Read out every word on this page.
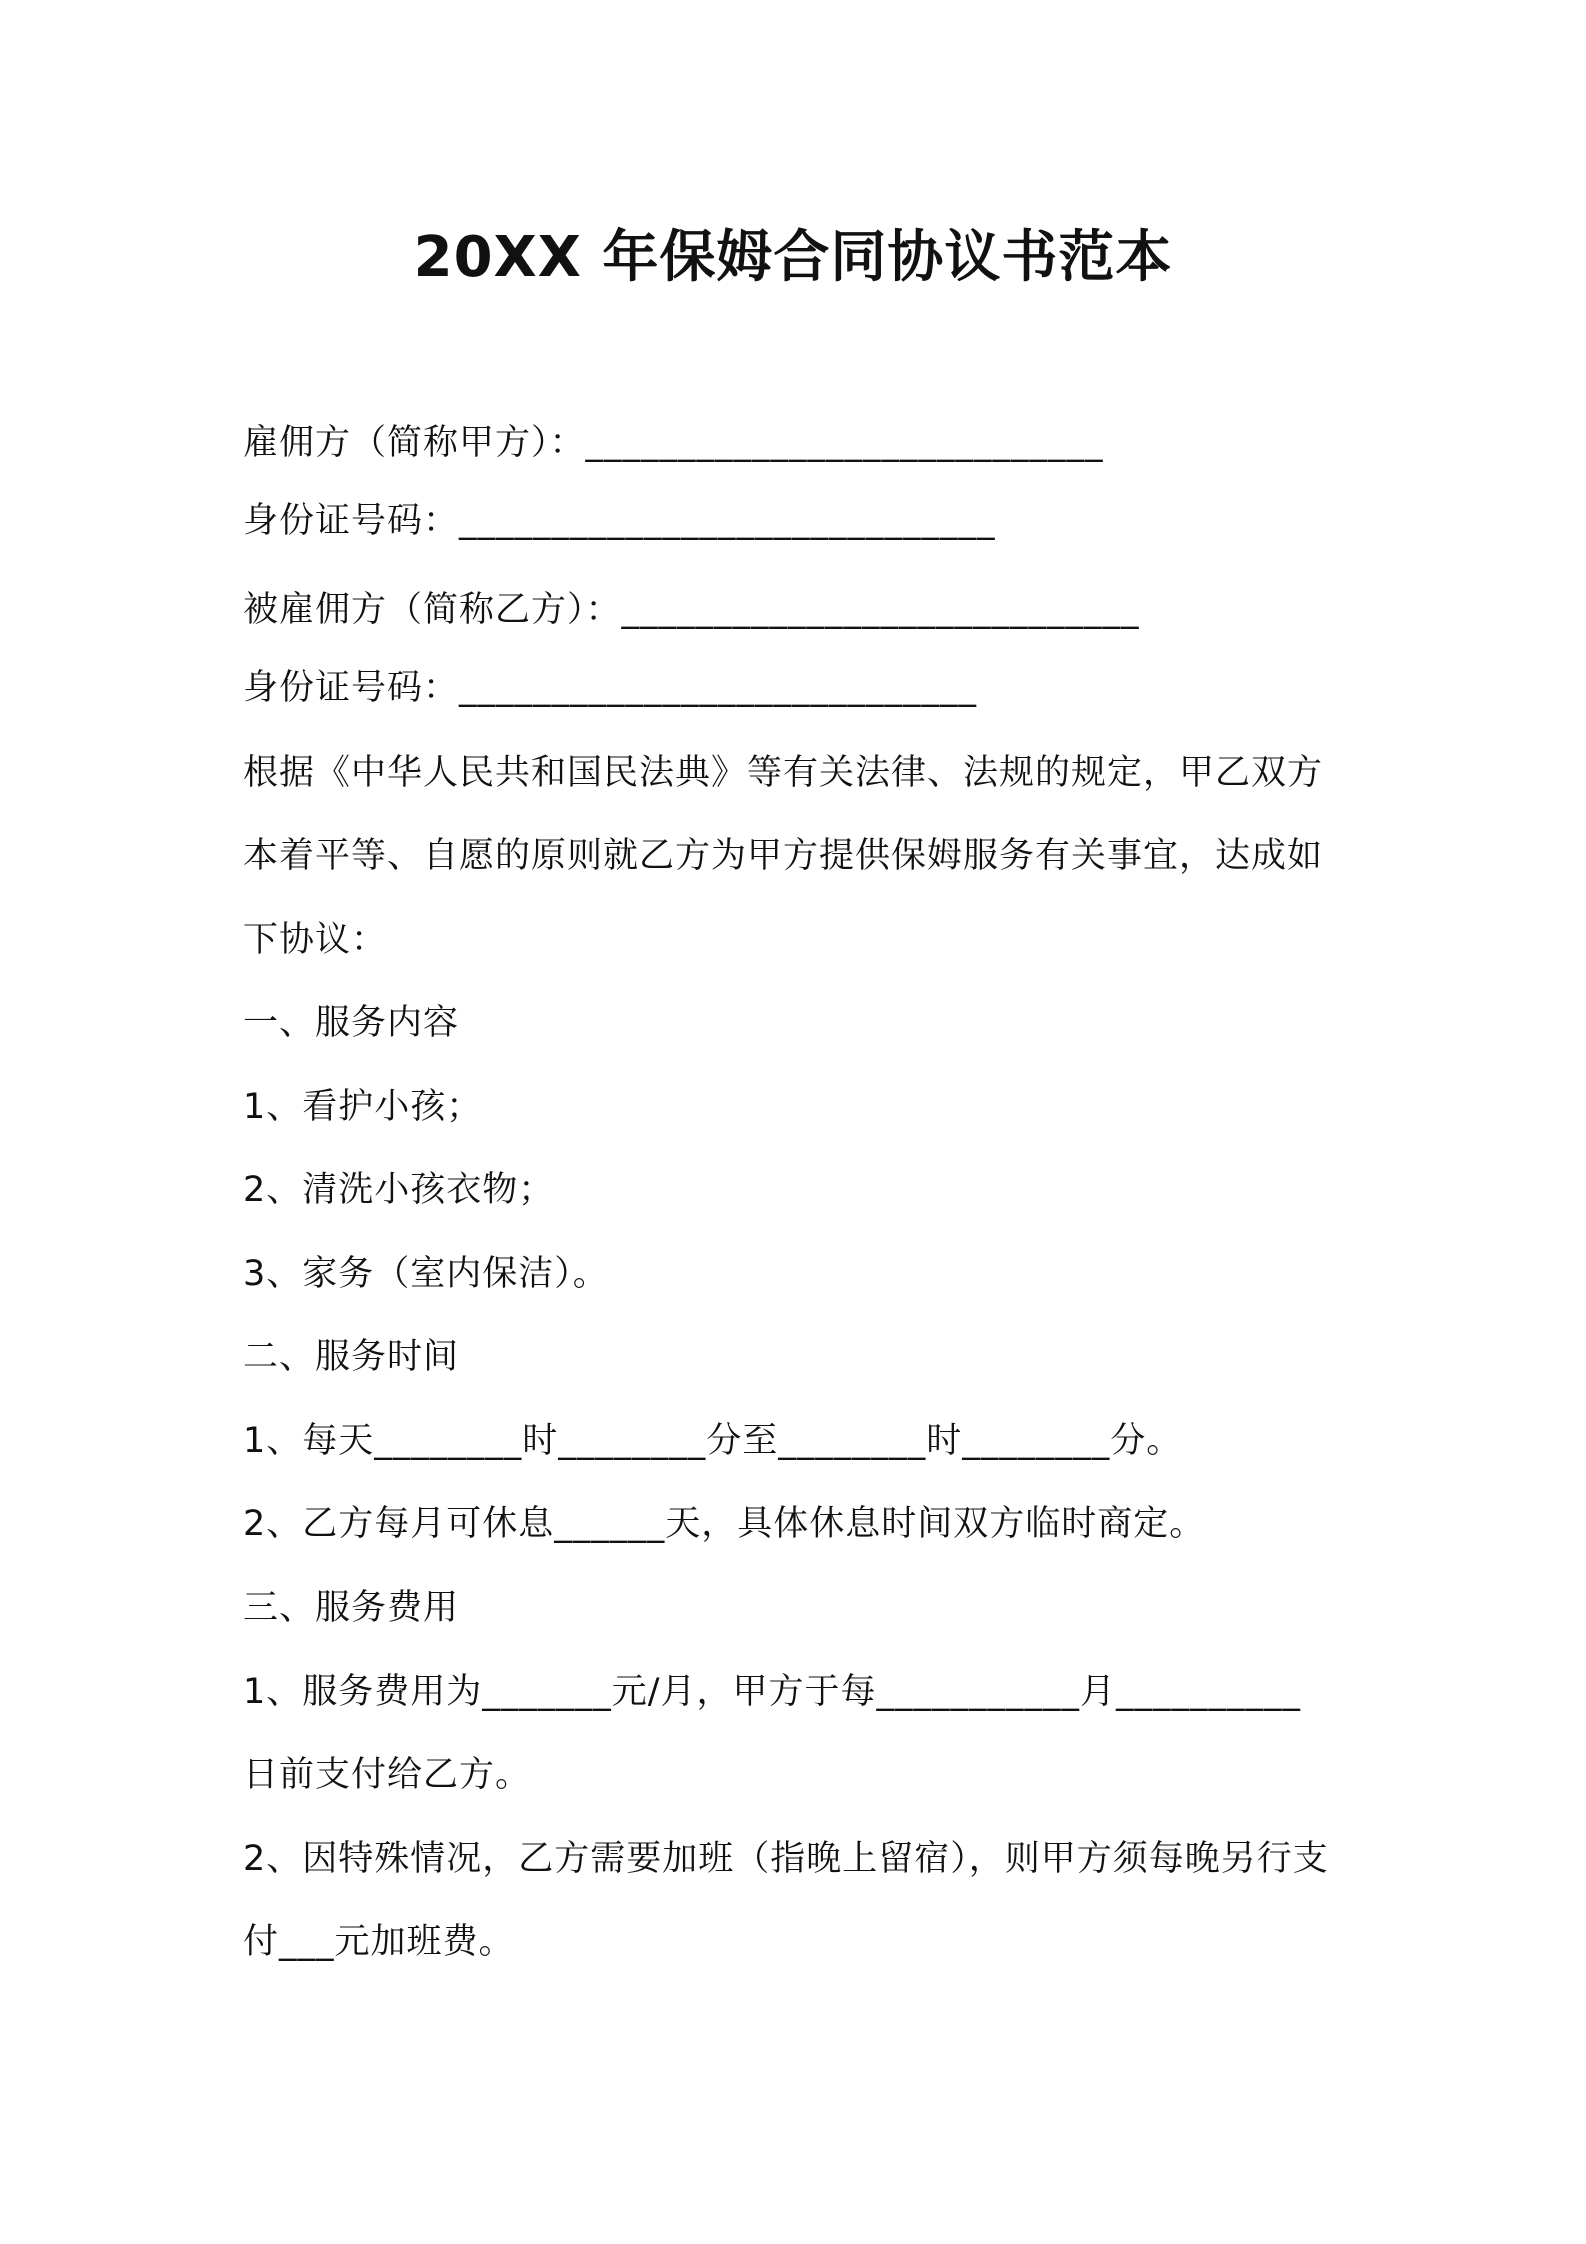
20XX 年保姆合同协议书范本
雇佣方（简称甲方）：____________________________
身份证号码：_____________________________
被雇佣方（简称乙方）：____________________________
身份证号码：____________________________
根据《中华人民共和国民法典》等有关法律、法规的规定，甲乙双方
本着平等、自愿的原则就乙方为甲方提供保姆服务有关事宜，达成如
下协议：
一、服务内容
1、看护小孩；
2、清洗小孩衣物；
3、家务（室内保洁）。
二、服务时间
1、每天________时________分至________时________分。
2、乙方每月可休息______天，具体休息时间双方临时商定。
三、服务费用
1、服务费用为_______元/月，甲方于每___________月__________
日前支付给乙方。
2、因特殊情况，乙方需要加班（指晚上留宿），则甲方须每晚另行支
付___元加班费。
